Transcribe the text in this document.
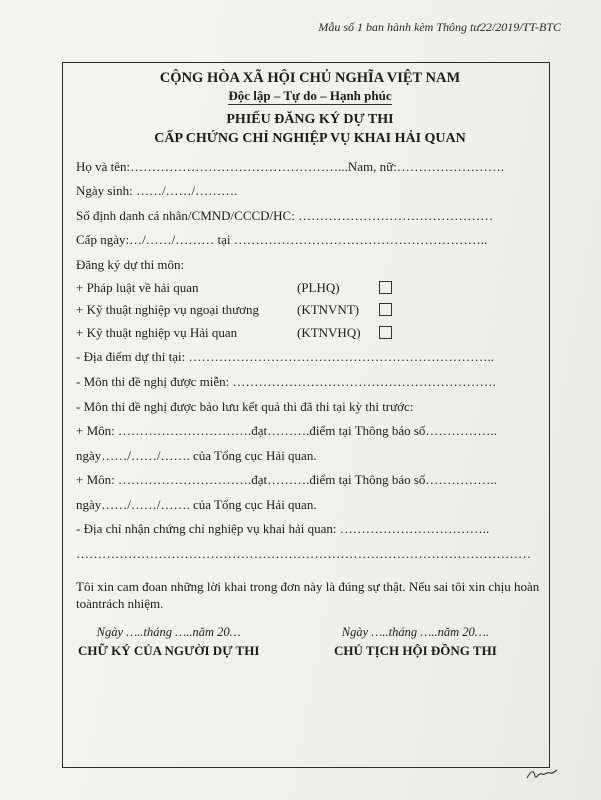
Mẫu số 1 ban hành kèm Thông tư22/2019/TT-BTC
CỘNG HÒA XÃ HỘI CHỦ NGHĨA VIỆT NAM
Độc lập – Tự do – Hạnh phúc
PHIẾU ĐĂNG KÝ DỰ THI
CẤP CHỨNG CHỈ NGHIỆP VỤ KHAI HẢI QUAN
Họ và tên:…………………………………………...Nam, nữ:…………………….
Ngày sinh: ……/……/……….
Số định danh cá nhân/CMND/CCCD/HC: ………………………………………
Cấp ngày:…/……/……… tại …………………………………………………..
Đăng ký dự thi môn:
+ Pháp luật về hải quan	(PLHQ)
+ Kỹ thuật nghiệp vụ ngoại thương	(KTNVNT)
+ Kỹ thuật nghiệp vụ Hải quan	(KTNVHQ)
- Địa điểm dự thi tại: ……………………………………………………………..
- Môn thi đề nghị được miễn: …………………………………………………….
- Môn thi đề nghị được bảo lưu kết quả thi đã thi tại kỳ thi trước:
+ Môn: ………………………….đạt……….điểm tại Thông báo số……………..
ngày……/……/……. của Tổng cục Hải quan.
+ Môn: ………………………….đạt……….điểm tại Thông báo số……………..
ngày……/……/……. của Tổng cục Hải quan.
- Địa chỉ nhận chứng chỉ nghiệp vụ khai hải quan: ……………………………..
……………………………………………………………………………………………
Tôi xin cam đoan những lời khai trong đơn này là đúng sự thật. Nếu sai tôi xin chịu hoàn toàntrách nhiệm.
Ngày …..tháng …..năm 20…
CHỮ KÝ CỦA NGƯỜI DỰ THI
Ngày …..tháng …..năm 20….
CHỦ TỊCH HỘI ĐỒNG THI
